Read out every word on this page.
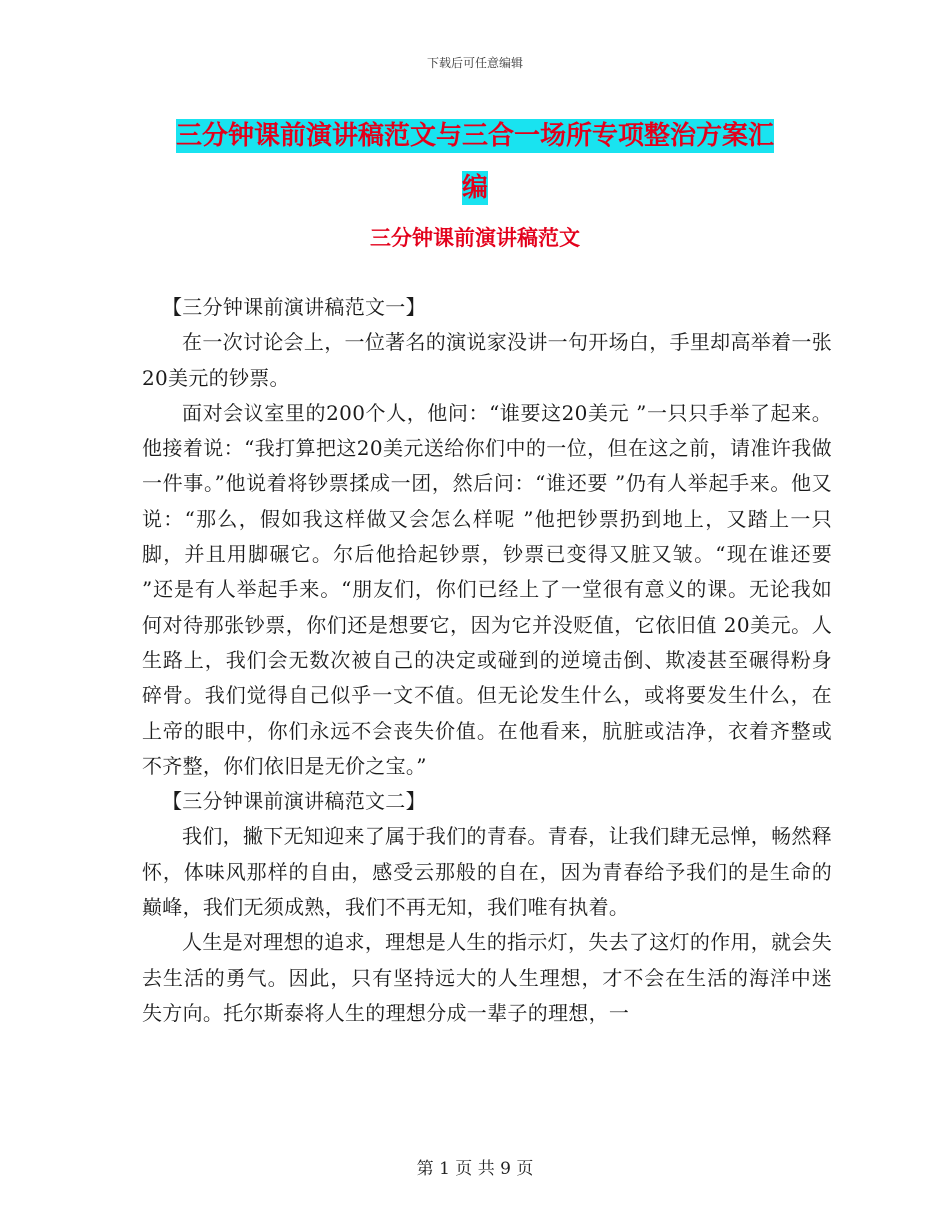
下载后可任意编辑
三分钟课前演讲稿范文与三合一场所专项整治方案汇
编
三分钟课前演讲稿范文

【三分钟课前演讲稿范文一】

在一次讨论会上，一位著名的演说家没讲一句开场白，手里却高举着一张20美元的钞票。

面对会议室里的200个人，他问：“谁要这20美元 ”一只只手举了起来。他接着说：“我打算把这20美元送给你们中的一位，但在这之前，请准许我做一件事。”他说着将钞票揉成一团，然后问：“谁还要 ”仍有人举起手来。他又说：“那么，假如我这样做又会怎么样呢 ”他把钞票扔到地上，又踏上一只脚，并且用脚碾它。尔后他拾起钞票，钞票已变得又脏又皱。“现在谁还要 ”还是有人举起手来。“朋友们，你们已经上了一堂很有意义的课。无论我如何对待那张钞票，你们还是想要它，因为它并没贬值，它依旧值 20美元。人生路上，我们会无数次被自己的决定或碰到的逆境击倒、欺凌甚至碾得粉身碎骨。我们觉得自己似乎一文不值。但无论发生什么，或将要发生什么，在上帝的眼中，你们永远不会丧失价值。在他看来，肮脏或洁净，衣着齐整或不齐整，你们依旧是无价之宝。”

【三分钟课前演讲稿范文二】

我们，撇下无知迎来了属于我们的青春。青春，让我们肆无忌惮，畅然释怀，体味风那样的自由，感受云那般的自在，因为青春给予我们的是生命的巅峰，我们无须成熟，我们不再无知，我们唯有执着。

人生是对理想的追求，理想是人生的指示灯，失去了这灯的作用，就会失去生活的勇气。因此，只有坚持远大的人生理想，才不会在生活的海洋中迷失方向。托尔斯泰将人生的理想分成一辈子的理想，一

第 1 页 共 9 页
